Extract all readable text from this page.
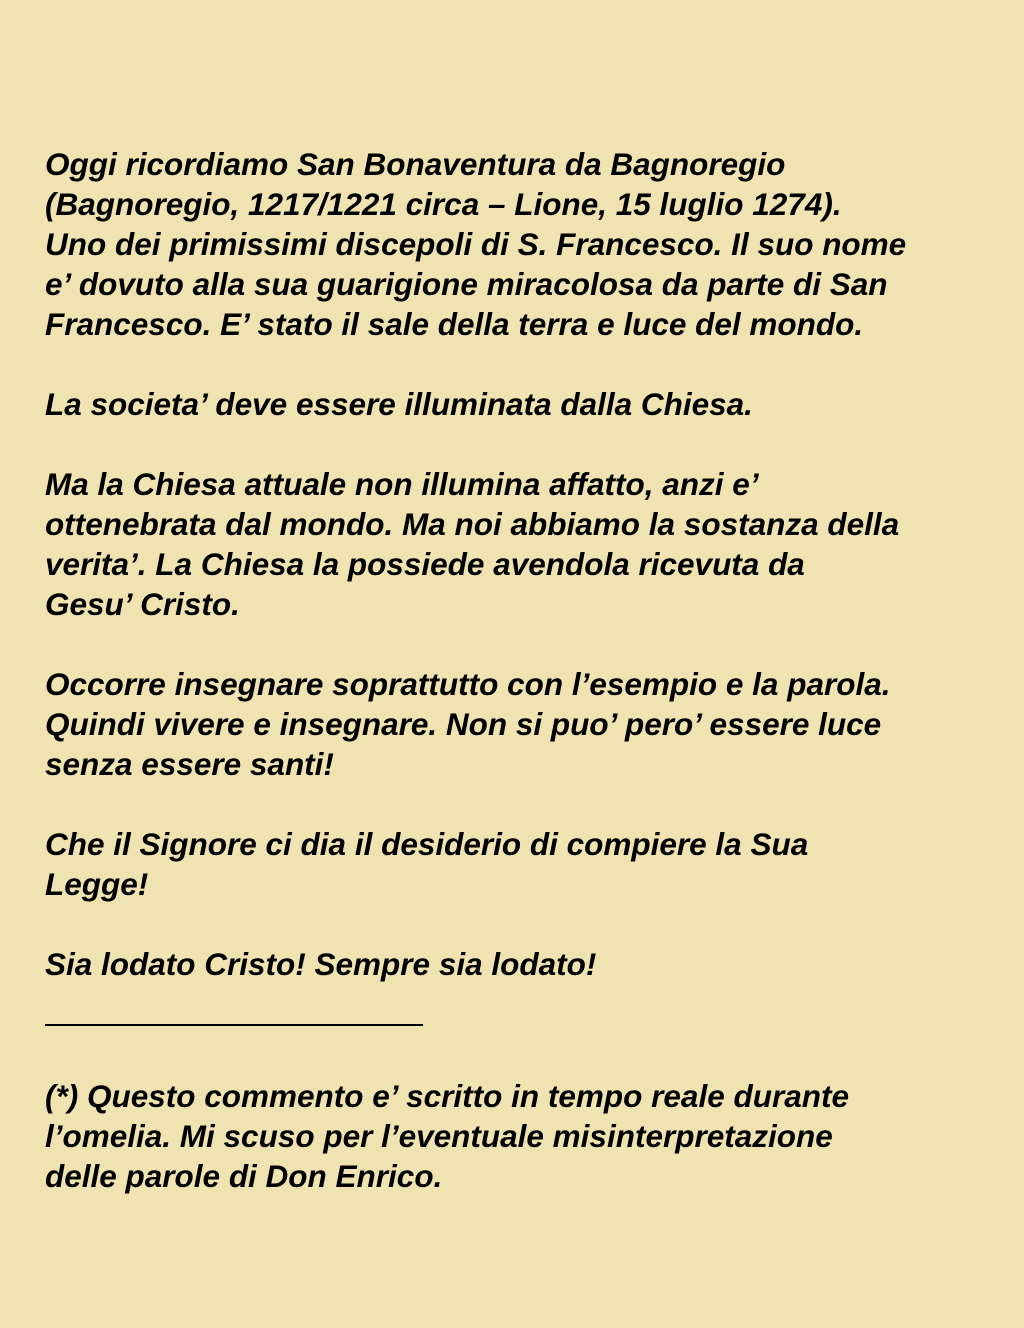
Oggi ricordiamo San Bonaventura da Bagnoregio
(Bagnoregio, 1217/1221 circa – Lione, 15 luglio 1274).
Uno dei primissimi discepoli di S. Francesco. Il suo nome
e’ dovuto alla sua guarigione miracolosa da parte di San
Francesco. E’ stato il sale della terra e luce del mondo.
La societa’ deve essere illuminata dalla Chiesa.
Ma la Chiesa attuale non illumina affatto, anzi e’
ottenebrata dal mondo. Ma noi abbiamo la sostanza della
verita’. La Chiesa la possiede avendola ricevuta da
Gesu’ Cristo.
Occorre insegnare soprattutto con l’esempio e la parola.
Quindi vivere e insegnare. Non si puo’ pero’ essere luce
senza essere santi!
Che il Signore ci dia il desiderio di compiere la Sua
Legge!
Sia lodato Cristo! Sempre sia lodato!
(*) Questo commento e’ scritto in tempo reale durante
l’omelia. Mi scuso per l’eventuale misinterpretazione
delle parole di Don Enrico.
